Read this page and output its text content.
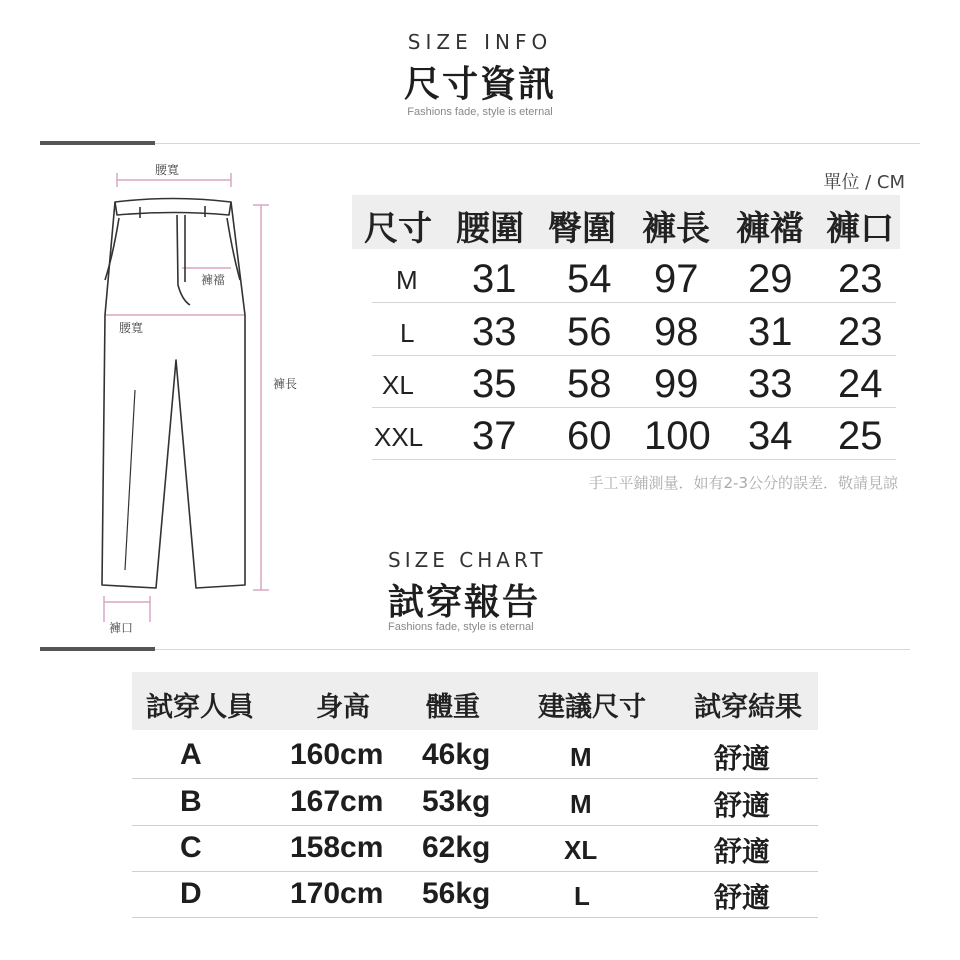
SIZE INFO
尺寸資訊
Fashions fade, style is eternal
腰寬
褲長
腰寬
褲襠
褲口
單位 / CM
尺寸 腰圍 臀圍 褲長 褲襠 褲口
M 31 54 97 29 23
L 33 56 98 31 23
XL 35 58 99 33 24
XXL 37 60 100 34 25
手工平鋪測量．如有2-3公分的誤差．敬請見諒
SIZE CHART
試穿報告
Fashions fade, style is eternal
試穿人員 身高 體重 建議尺寸 試穿結果
A	160cm 46kg	M	舒適
B	167cm 53kg	M	舒適
C	158cm 62kg	XL	舒適
D	170cm 56kg	L	舒適
